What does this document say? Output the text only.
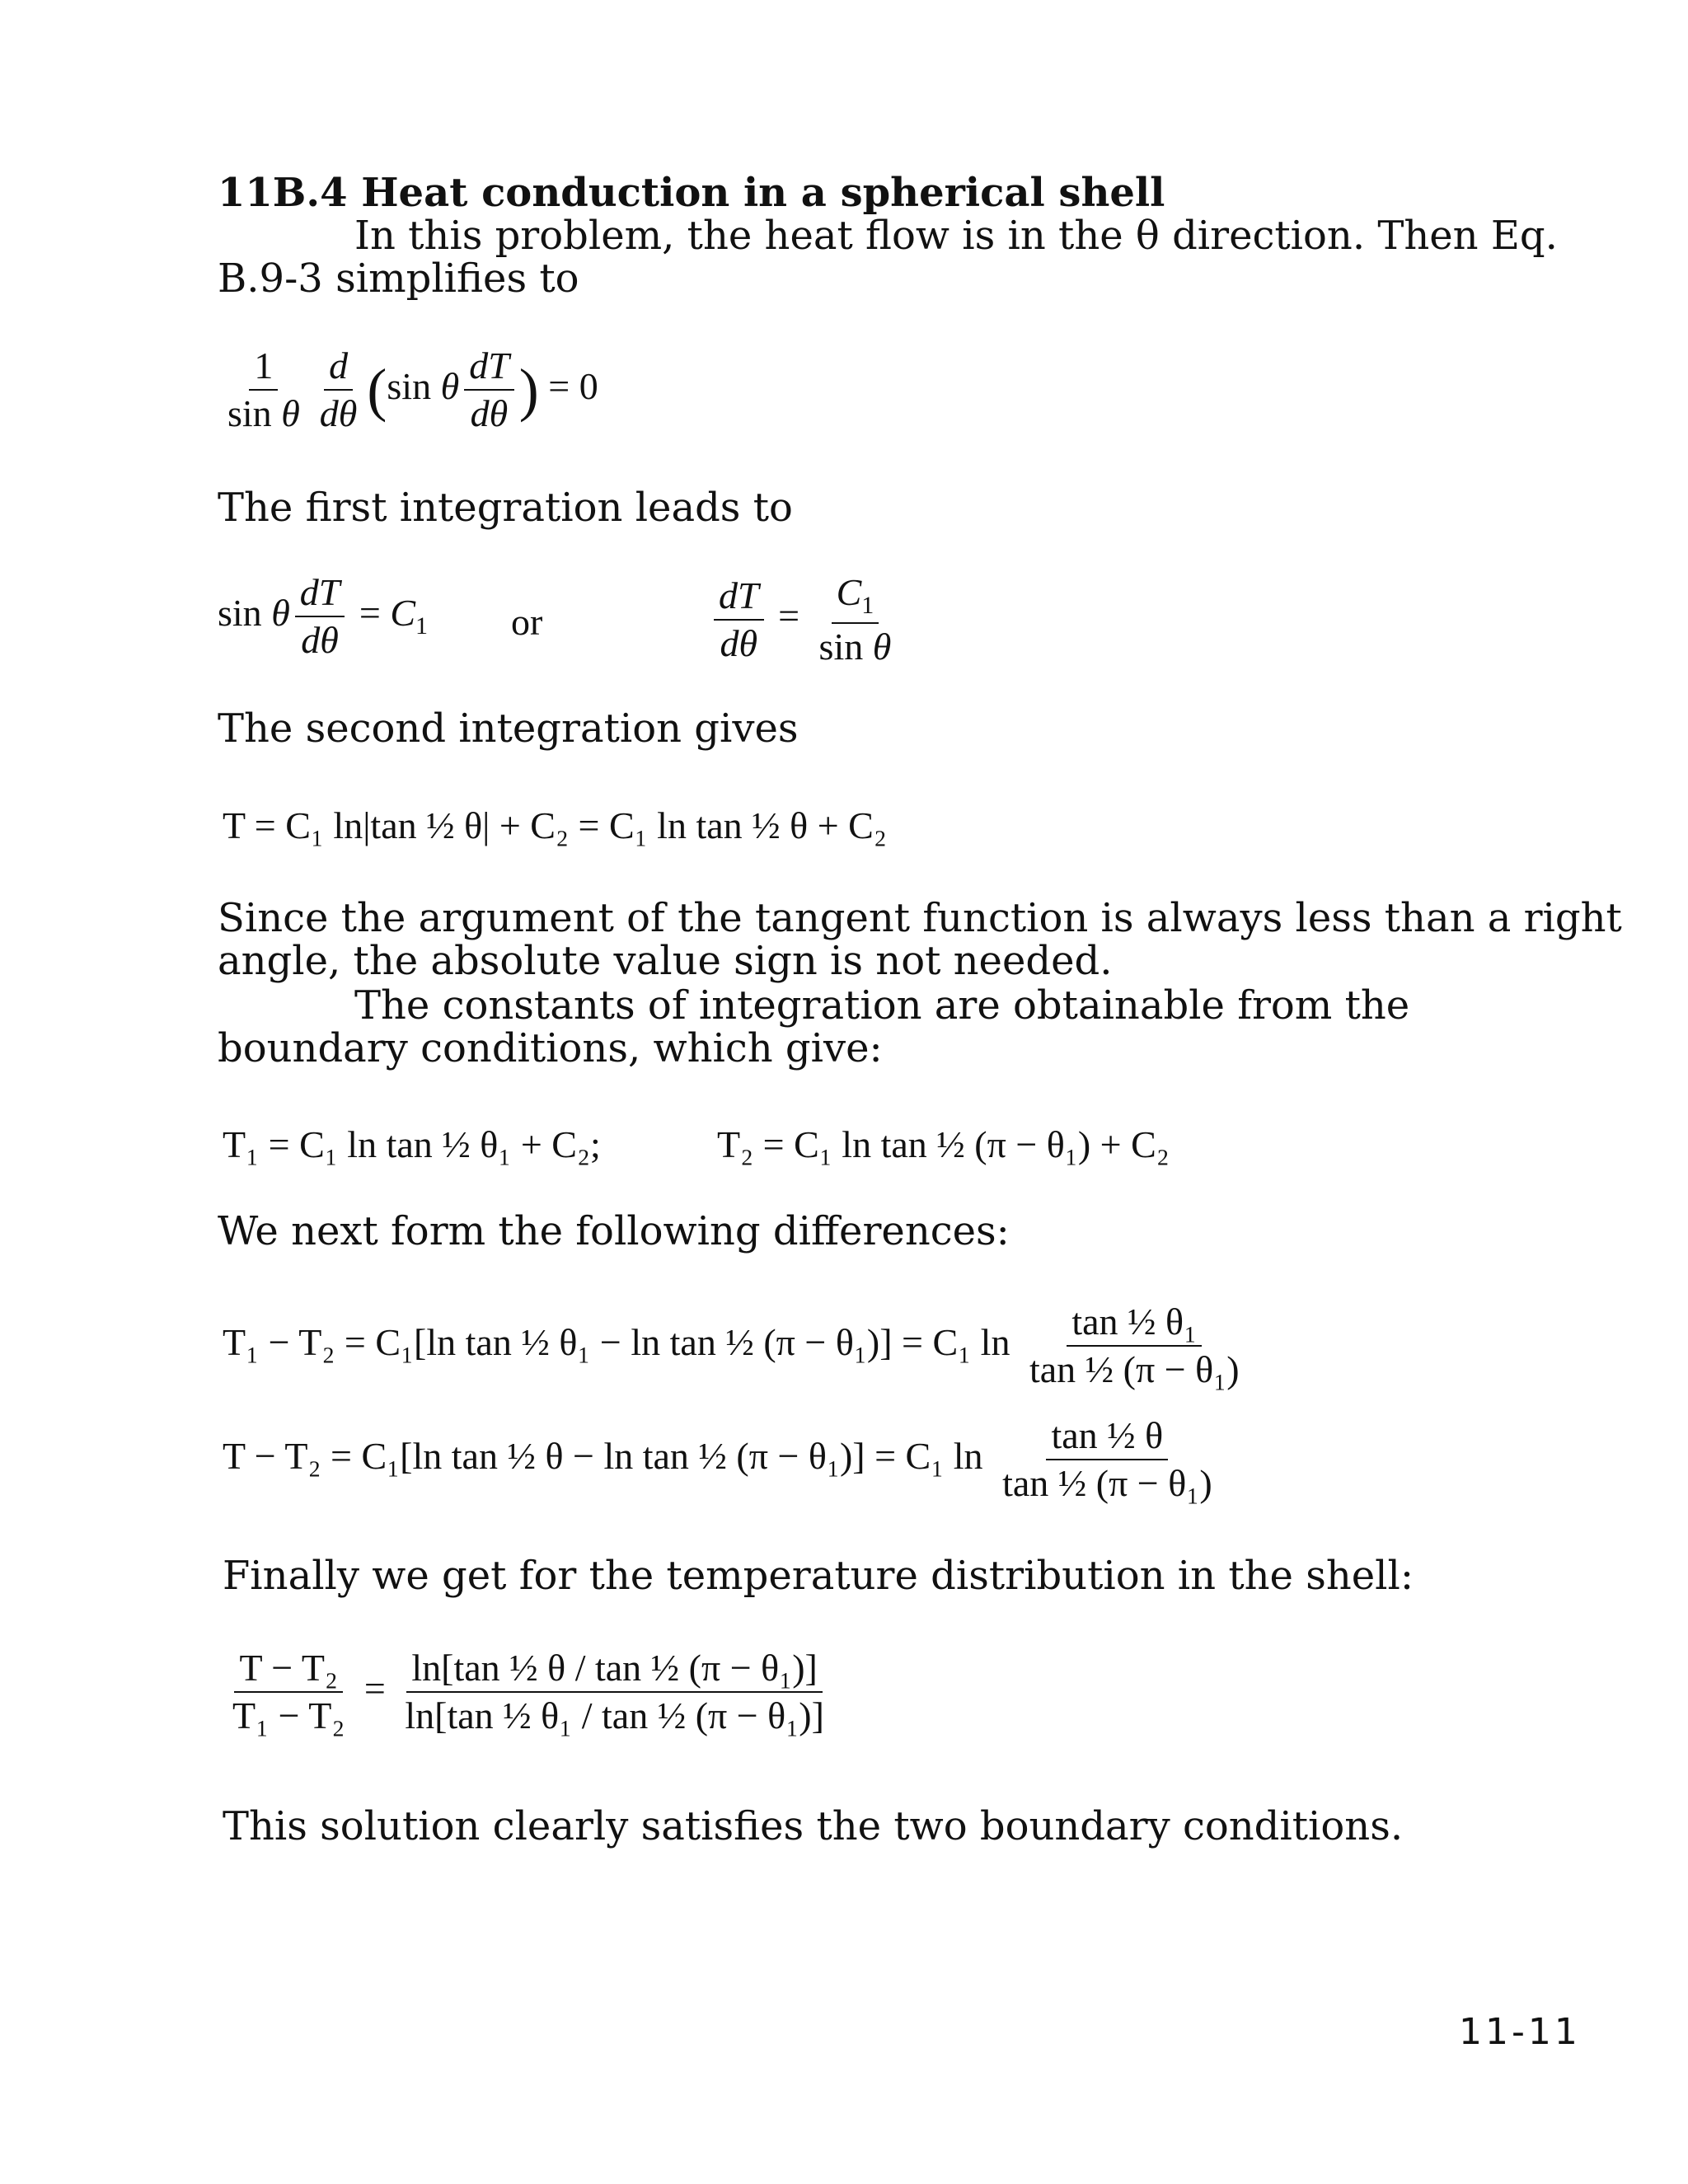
11B.4 Heat conduction in a spherical shell
In this problem, the heat flow is in the θ direction. Then Eq.
B.9-3 simplifies to
$\frac{1}{\text{sin θ}} \frac{d}{d\theta} (\sin$ θ $\frac{dT}{d\theta}$ ) = 0
The first integration leads to
sin θ $\frac{dT}{d\theta} = C_1$ or	$\frac{dT}{d\theta} = \frac{C_1}{\text{sin θ}}$
The second integration gives
T = C₁ ln|tan ½ θ| + C₂ = C₁ ln tan ½ θ + C₂
Since the argument of the tangent function is always less than a right
angle, the absolute value sign is not needed.
The constants of integration are obtainable from the
boundary conditions, which give:
T₁ = C₁ ln tan ½ θ₁ + C₂;	T₂ = C₁ ln tan ½ (π − θ₁) + C₂
We next form the following differences:
T₁ − T₂ = C₁[ln tan ½ θ₁ − ln tan ½ (π − θ₁)] = C₁ $\ln \frac{\text{tan ½ θ₁}}{\text{tan ½ (π − θ₁)}}$
T − T₂ = C₁[ln tan ½ θ − ln tan ½ (π − θ₁)] = C₁ $\ln \frac{\text{tan ½ θ}}{\text{tan ½ (π − θ₁)}}$
Finally we get for the temperature distribution in the shell:
$\frac{\text{T − T₂}}{\text{T₁ − T₂}} = \frac{\text{ln[tan ½ θ / tan ½ (π − θ₁)]}}{\text{ln[tan ½ θ₁ / tan ½ (π − θ₁)]}}$
This solution clearly satisfies the two boundary conditions.
11-11
